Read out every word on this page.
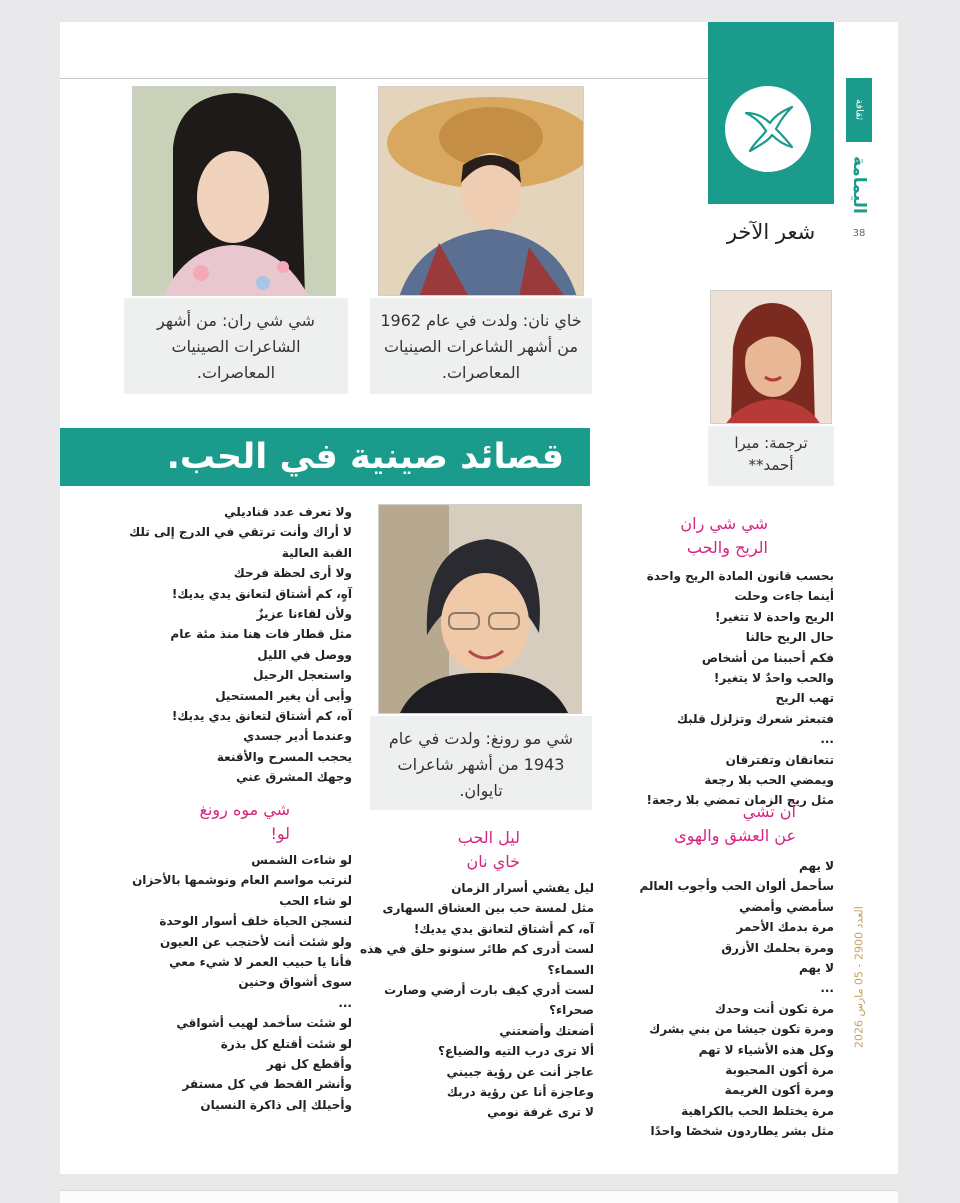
شعر الآخر
ثقافة
اليمامة
38
العدد 2900 - 05 مارس 2026
شي شي ران: من أشهر الشاعرات الصينيات المعاصرات.
خاي نان: ولدت في عام 1962 من أشهر الشاعرات الصينيات المعاصرات.
ترجمة: ميرا
أحمد**
قصائد صينية في الحب.
شي مو رونغ: ولدت في عام 1943 من أشهر شاعرات تايوان.
شي شي ران
الريح والحب
بحسب قانون المادة الريح واحدة
أينما جاءت وحلت
الريح واحدة لا تتغير!
حال الريح حالنا
فكم أحببنا من أشخاص
والحب واحدٌ لا يتغير!
تهب الريح
فتبعثر شعرك وتزلزل قلبك
...
تتعانقان وتفترقان
ويمضي الحب بلا رجعة
مثل ريح الزمان تمضي بلا رجعة!
ولا تعرف عدد قناديلي
لا أراك وأنت ترتقي في الدرج إلى تلك
القبة العالية
ولا أرى لحظة فرحك
آهٍ، كم أشتاق لتعانق يدي يديك!
ولأن لقاءنا عزيزٌ
مثل قطار فات هنا منذ مئة عام
ووصل في الليل
واستعجل الرحيل
وأبى أن يغير المستحيل
آه، كم أشتاق لتعانق يدي يديك!
وعندما أدير جسدي
يحجب المسرح والأقنعة
وجهك المشرق عني
آن تشي
عن العشق والهوى
لا يهم
سأحمل ألوان الحب وأجوب العالم
سأمضي وأمضي
مرة بدمك الأحمر
ومرة بحلمك الأزرق
لا يهم
...
مرة تكون أنت وحدك
ومرة تكون جيشا من بني بشرك
وكل هذه الأشياء لا تهم
مرة أكون المحبوبة
ومرة أكون الغريمة
مرة يختلط الحب بالكراهية
مثل بشر يطاردون شخصًا واحدًا
ليل الحب
خاي نان
ليل يفشي أسرار الزمان
مثل لمسة حب بين العشاق السهارى
آه، كم أشتاق لتعانق يدي يديك!
لست أدرى كم طائر سنونو حلق في هذه
السماء؟
لست أدري كيف بارت أرضي وصارت
صحراء؟
أضعتك وأضعتني
ألا ترى درب التيه والضياع؟
عاجز أنت عن رؤية جبيني
وعاجزة أنا عن رؤية دربك
لا ترى غرفة نومي
شي موه رونغ
لو!
لو شاءت الشمس
لنرتب مواسم العام ونوشمها بالأحزان
لو شاء الحب
لنسجن الحياة خلف أسوار الوحدة
ولو شئت أنت لأحتجب عن العيون
فأنا يا حبيب العمر لا شيء معي
سوى أشواق وحنين
...
لو شئت سأخمد لهيب أشواقي
لو شئت أقتلع كل بذرة
وأقطع كل نهر
وأنشر القحط في كل مستقر
وأحيلك إلى ذاكرة النسيان
